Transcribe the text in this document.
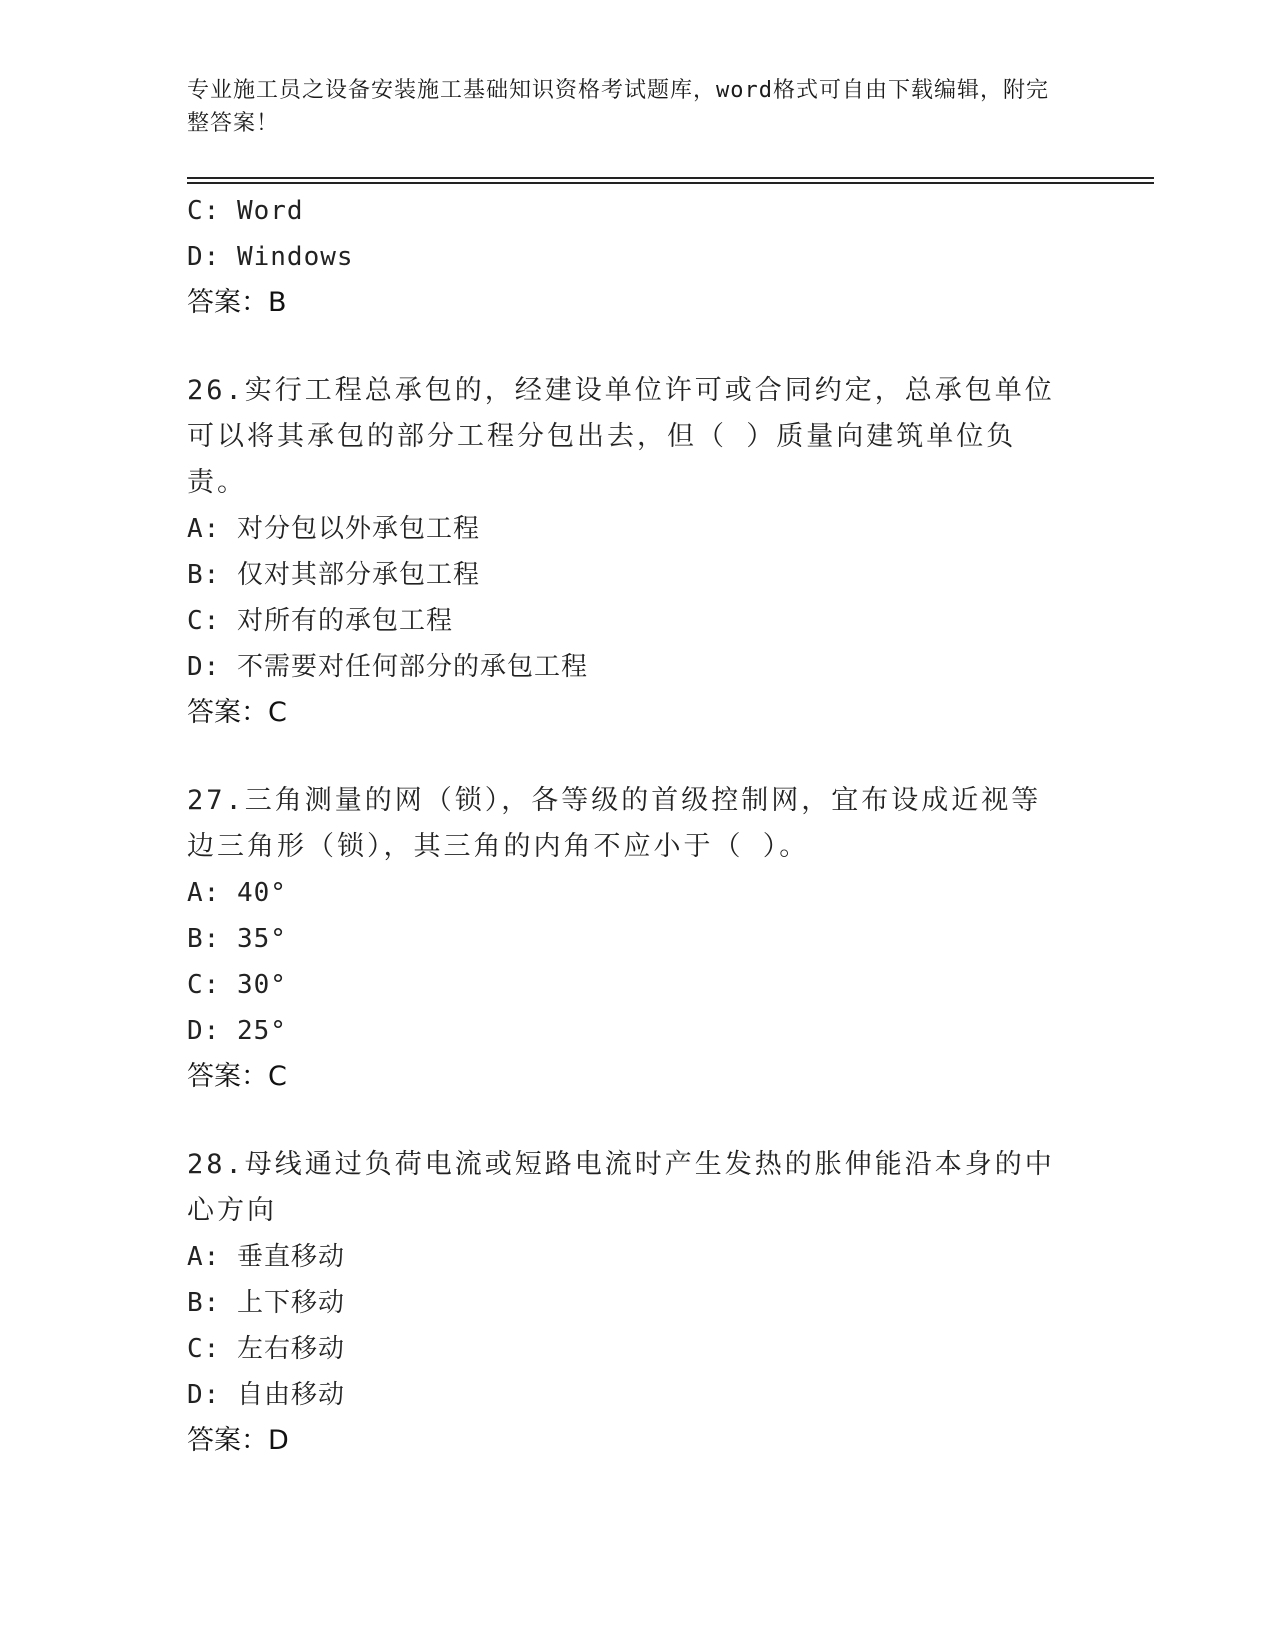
专业施工员之设备安装施工基础知识资格考试题库，word格式可自由下载编辑，附完整答案！
C: Word
D: Windows
答案：B
26.实行工程总承包的，经建设单位许可或合同约定，总承包单位可以将其承包的部分工程分包出去，但（ ）质量向建筑单位负责。
A: 对分包以外承包工程
B: 仅对其部分承包工程
C: 对所有的承包工程
D: 不需要对任何部分的承包工程
答案：C
27.三角测量的网（锁），各等级的首级控制网，宜布设成近视等边三角形（锁），其三角的内角不应小于（ ）。
A: 40°
B: 35°
C: 30°
D: 25°
答案：C
28.母线通过负荷电流或短路电流时产生发热的胀伸能沿本身的中心方向
A: 垂直移动
B: 上下移动
C: 左右移动
D: 自由移动
答案：D
